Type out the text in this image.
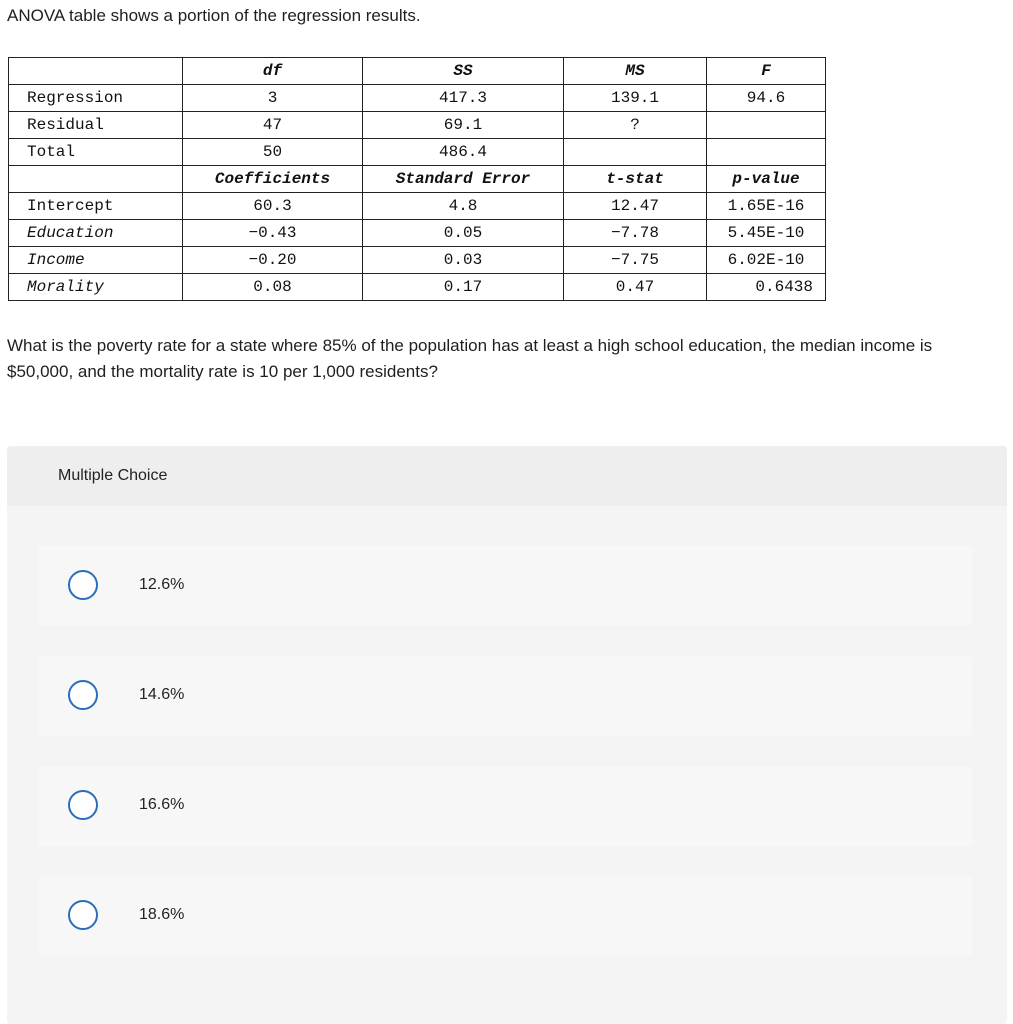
ANOVA table shows a portion of the regression results.

	df	SS	MS	F
Regression	3	417.3	139.1	94.6
Residual	47	69.1	?	
Total	50	486.4		
	Coefficients	Standard Error	t-stat	p-value
Intercept	60.3	4.8	12.47	1.65E-16
Education	−0.43	0.05	−7.78	5.45E-10
Income	−0.20	0.03	−7.75	6.02E-10
Morality	0.08	0.17	0.47	0.6438

What is the poverty rate for a state where 85% of the population has at least a high school education, the median income is $50,000, and the mortality rate is 10 per 1,000 residents?

Multiple Choice
12.6%
14.6%
16.6%
18.6%
